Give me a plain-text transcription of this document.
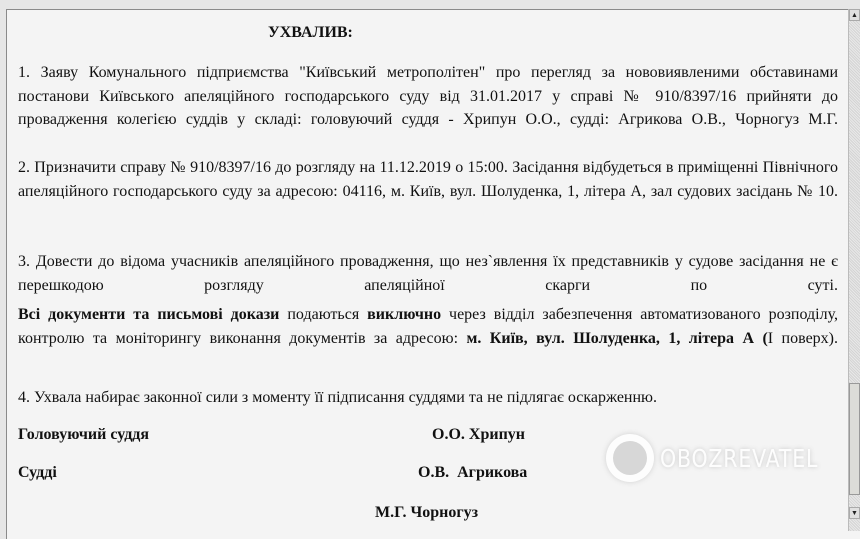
УХВАЛИВ:

1. Заяву Комунального підприємства "Київський метрополітен" про перегляд за нововиявленими обставинами постанови Київського апеляційного господарського суду від 31.01.2017 у справі № 910/8397/16 прийняти до провадження колегією суддів у складі: головуючий суддя - Хрипун О.О., судді: Агрикова О.В., Чорногуз М.Г.

2. Призначити справу № 910/8397/16 до розгляду на 11.12.2019 о 15:00. Засідання відбудеться в приміщенні Північного апеляційного господарського суду за адресою: 04116, м. Київ, вул. Шолуденка, 1, літера А, зал судових засідань № 10.

3. Довести до відома учасників апеляційного провадження, що нез`явлення їх представників у судове засідання не є перешкодою розгляду апеляційної скарги по суті.

Всі документи та письмові докази подаються виключно через відділ забезпечення автоматизованого розподілу, контролю та моніторингу виконання документів за адресою: м. Київ, вул. Шолуденка, 1, літера А (I поверх).

4. Ухвала набирає законної сили з моменту її підписання суддями та не підлягає оскарженню.

Головуючий суддя	О.О. Хрипун
Судді	О.В.  Агрикова
М.Г. Чорногуз
OBOZREVATEL
▲
▼
